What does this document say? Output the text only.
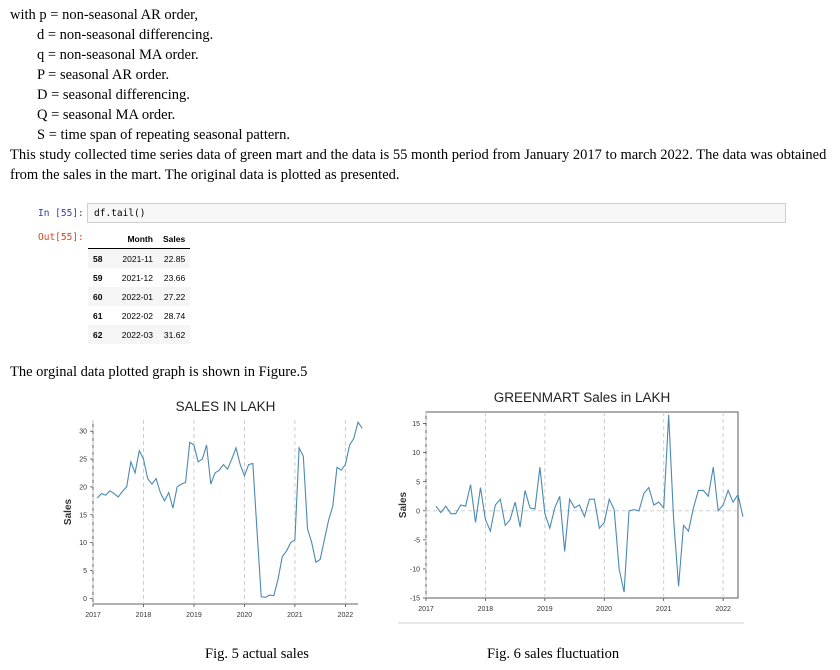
with p = non-seasonal AR order,
d = non-seasonal differencing.
q = non-seasonal MA order.
P = seasonal AR order.
D = seasonal differencing.
Q = seasonal MA order.
S = time span of repeating seasonal pattern.
This study collected time series data of green mart and the data is 55 month period from January 2017 to march 2022. The data was obtained from the sales in the mart. The original data is plotted as presented.
In [55]: df.tail()
Out[55]:
		Month	Sales
58	2021-11	22.85
59	2021-12	23.66
60	2022-01	27.22
61	2022-02	28.74
62	2022-03	31.62
The orginal data plotted graph is shown in Figure.5
SALES IN LAKH
Sales
0
5
10
15
20
25
30
2017	2018	2019	2020	2021	2022
GREENMART Sales in LAKH
Sales
-15
-10
-5
0
5
10
15
2017	2018	2019	2020	2021	2022
Fig. 5 actual sales	Fig. 6 sales fluctuation
